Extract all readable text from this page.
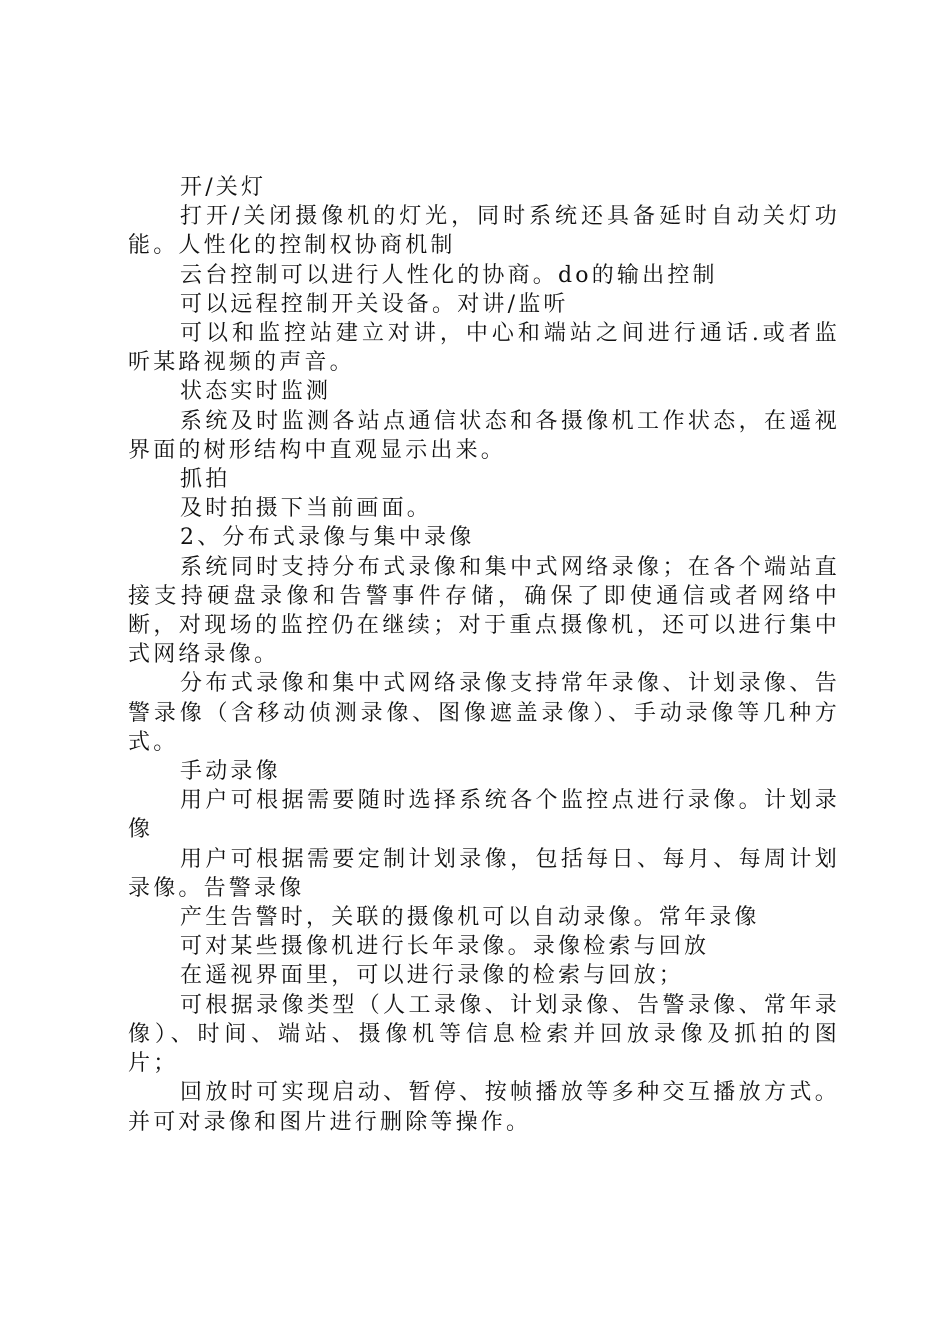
开/关灯

打开/关闭摄像机的灯光，同时系统还具备延时自动关灯功能。人性化的控制权协商机制

云台控制可以进行人性化的协商。do的输出控制

可以远程控制开关设备。对讲/监听

可以和监控站建立对讲，中心和端站之间进行通话.或者监听某路视频的声音。

状态实时监测

系统及时监测各站点通信状态和各摄像机工作状态，在遥视界面的树形结构中直观显示出来。

抓拍

及时拍摄下当前画面。

2、分布式录像与集中录像

系统同时支持分布式录像和集中式网络录像；在各个端站直接支持硬盘录像和告警事件存储，确保了即使通信或者网络中断，对现场的监控仍在继续；对于重点摄像机，还可以进行集中式网络录像。

分布式录像和集中式网络录像支持常年录像、计划录像、告警录像（含移动侦测录像、图像遮盖录像）、手动录像等几种方式。

手动录像

用户可根据需要随时选择系统各个监控点进行录像。计划录像

用户可根据需要定制计划录像，包括每日、每月、每周计划录像。告警录像

产生告警时，关联的摄像机可以自动录像。常年录像

可对某些摄像机进行长年录像。录像检索与回放

在遥视界面里，可以进行录像的检索与回放；

可根据录像类型（人工录像、计划录像、告警录像、常年录像）、时间、端站、摄像机等信息检索并回放录像及抓拍的图片；

回放时可实现启动、暂停、按帧播放等多种交互播放方式。并可对录像和图片进行删除等操作。
